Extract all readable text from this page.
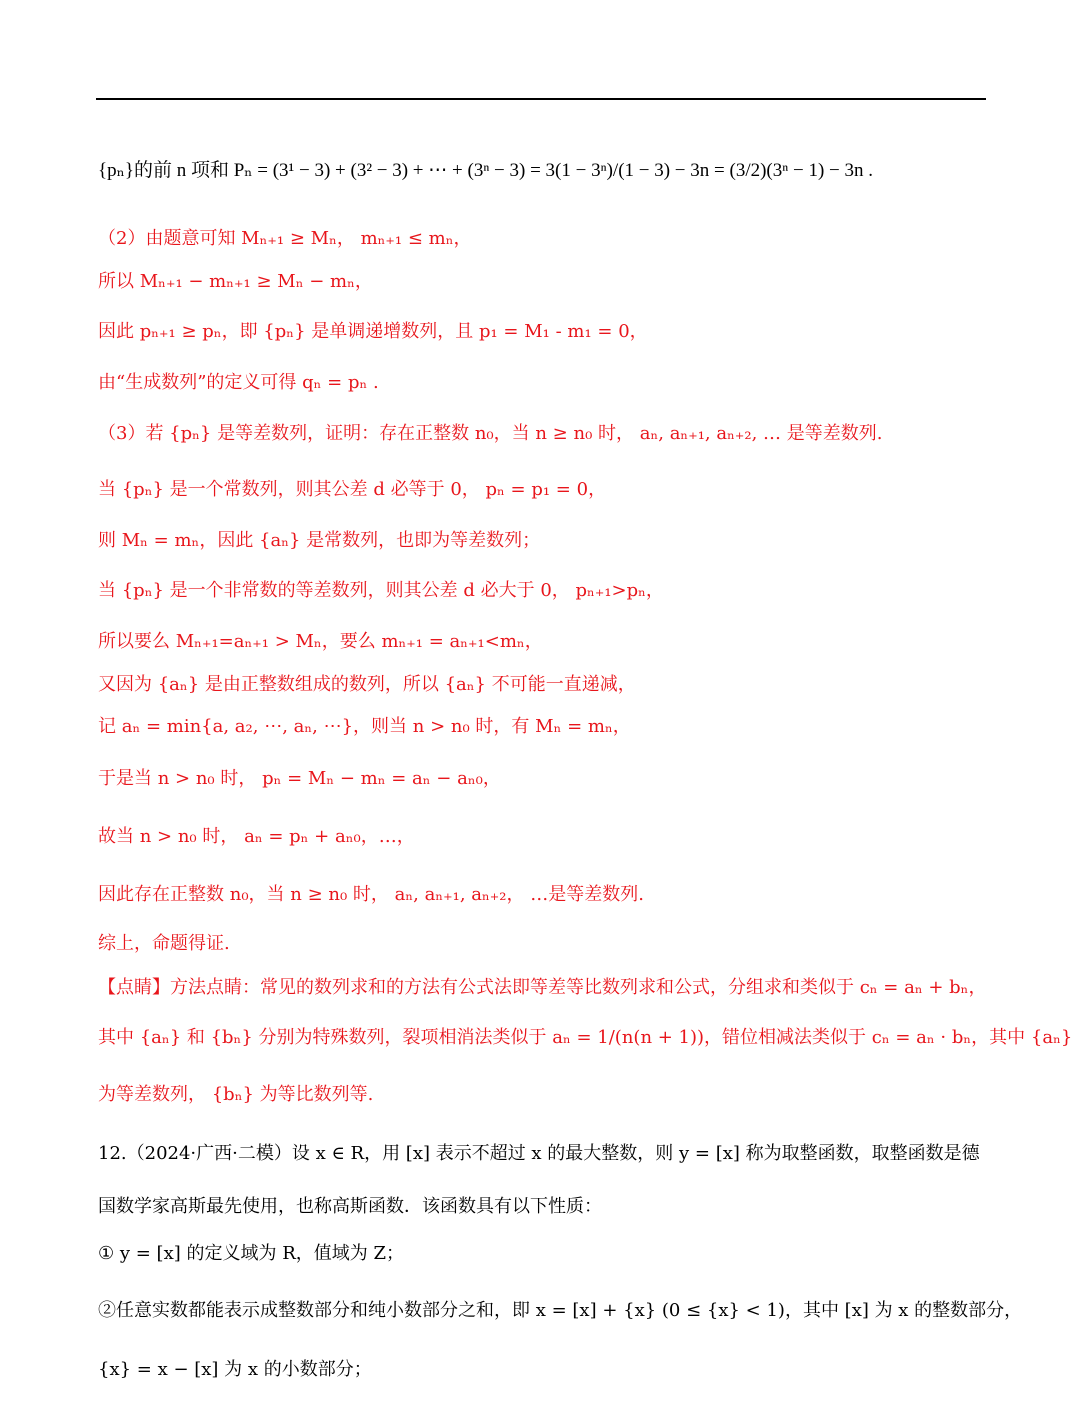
{pₙ}的前 n 项和 Pₙ = (3¹ − 3) + (3² − 3) + ⋯ + (3ⁿ − 3) = 3(1 − 3ⁿ)/(1 − 3) − 3n = (3/2)(3ⁿ − 1) − 3n .
（2）由题意可知 Mₙ₊₁ ≥ Mₙ， mₙ₊₁ ≤ mₙ，
所以 Mₙ₊₁ − mₙ₊₁ ≥ Mₙ − mₙ，
因此 pₙ₊₁ ≥ pₙ，即 {pₙ} 是单调递增数列，且 p₁ = M₁ - m₁ = 0，
由“生成数列”的定义可得 qₙ = pₙ .
（3）若 {pₙ} 是等差数列，证明：存在正整数 n₀，当 n ≥ n₀ 时， aₙ, aₙ₊₁, aₙ₊₂, … 是等差数列.
当 {pₙ} 是一个常数列，则其公差 d 必等于 0， pₙ = p₁ = 0，
则 Mₙ = mₙ，因此 {aₙ} 是常数列，也即为等差数列；
当 {pₙ} 是一个非常数的等差数列，则其公差 d 必大于 0， pₙ₊₁>pₙ，
所以要么 Mₙ₊₁=aₙ₊₁ > Mₙ，要么 mₙ₊₁ = aₙ₊₁<mₙ，
又因为 {aₙ} 是由正整数组成的数列，所以 {aₙ} 不可能一直递减，
记 aₙ = min{a, a₂, ⋯, aₙ, ⋯}，则当 n > n₀ 时，有 Mₙ = mₙ，
于是当 n > n₀ 时， pₙ = Mₙ − mₙ = aₙ − aₙ₀，
故当 n > n₀ 时， aₙ = pₙ + aₙ₀，…，
因此存在正整数 n₀，当 n ≥ n₀ 时， aₙ, aₙ₊₁, aₙ₊₂， …是等差数列.
综上，命题得证.
【点睛】方法点睛：常见的数列求和的方法有公式法即等差等比数列求和公式，分组求和类似于 cₙ = aₙ + bₙ，
其中 {aₙ} 和 {bₙ} 分别为特殊数列，裂项相消法类似于 aₙ = 1/(n(n + 1))，错位相减法类似于 cₙ = aₙ · bₙ，其中 {aₙ}
为等差数列， {bₙ} 为等比数列等.
12.（2024·广西·二模）设 x ∈ R，用 [x] 表示不超过 x 的最大整数，则 y = [x] 称为取整函数，取整函数是德
国数学家高斯最先使用，也称高斯函数．该函数具有以下性质：
① y = [x] 的定义域为 R，值域为 Z；
②任意实数都能表示成整数部分和纯小数部分之和，即 x = [x] + {x} (0 ≤ {x} < 1)，其中 [x] 为 x 的整数部分，
{x} = x − [x] 为 x 的小数部分；
